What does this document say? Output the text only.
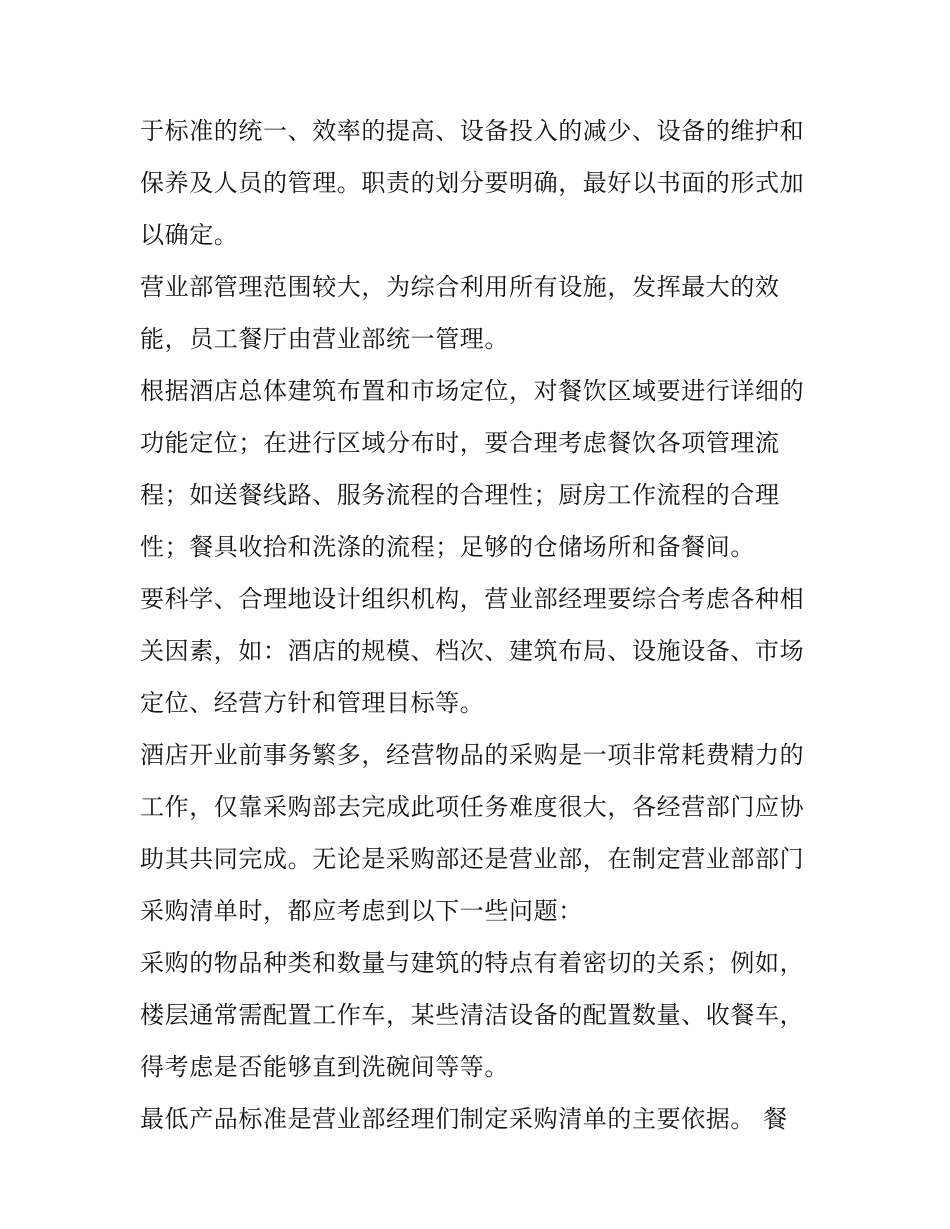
于标准的统一、效率的提高、设备投入的减少、设备的维护和
保养及人员的管理。职责的划分要明确，最好以书面的形式加
以确定。
营业部管理范围较大，为综合利用所有设施，发挥最大的效
能，员工餐厅由营业部统一管理。
根据酒店总体建筑布置和市场定位，对餐饮区域要进行详细的
功能定位；在进行区域分布时，要合理考虑餐饮各项管理流
程；如送餐线路、服务流程的合理性；厨房工作流程的合理
性；餐具收拾和洗涤的流程；足够的仓储场所和备餐间。
要科学、合理地设计组织机构，营业部经理要综合考虑各种相
关因素，如：酒店的规模、档次、建筑布局、设施设备、市场
定位、经营方针和管理目标等。
酒店开业前事务繁多，经营物品的采购是一项非常耗费精力的
工作，仅靠采购部去完成此项任务难度很大，各经营部门应协
助其共同完成。无论是采购部还是营业部，在制定营业部部门
采购清单时，都应考虑到以下一些问题：
采购的物品种类和数量与建筑的特点有着密切的关系；例如，
楼层通常需配置工作车，某些清洁设备的配置数量、收餐车，
得考虑是否能够直到洗碗间等等。
最低产品标准是营业部经理们制定采购清单的主要依据。 餐
